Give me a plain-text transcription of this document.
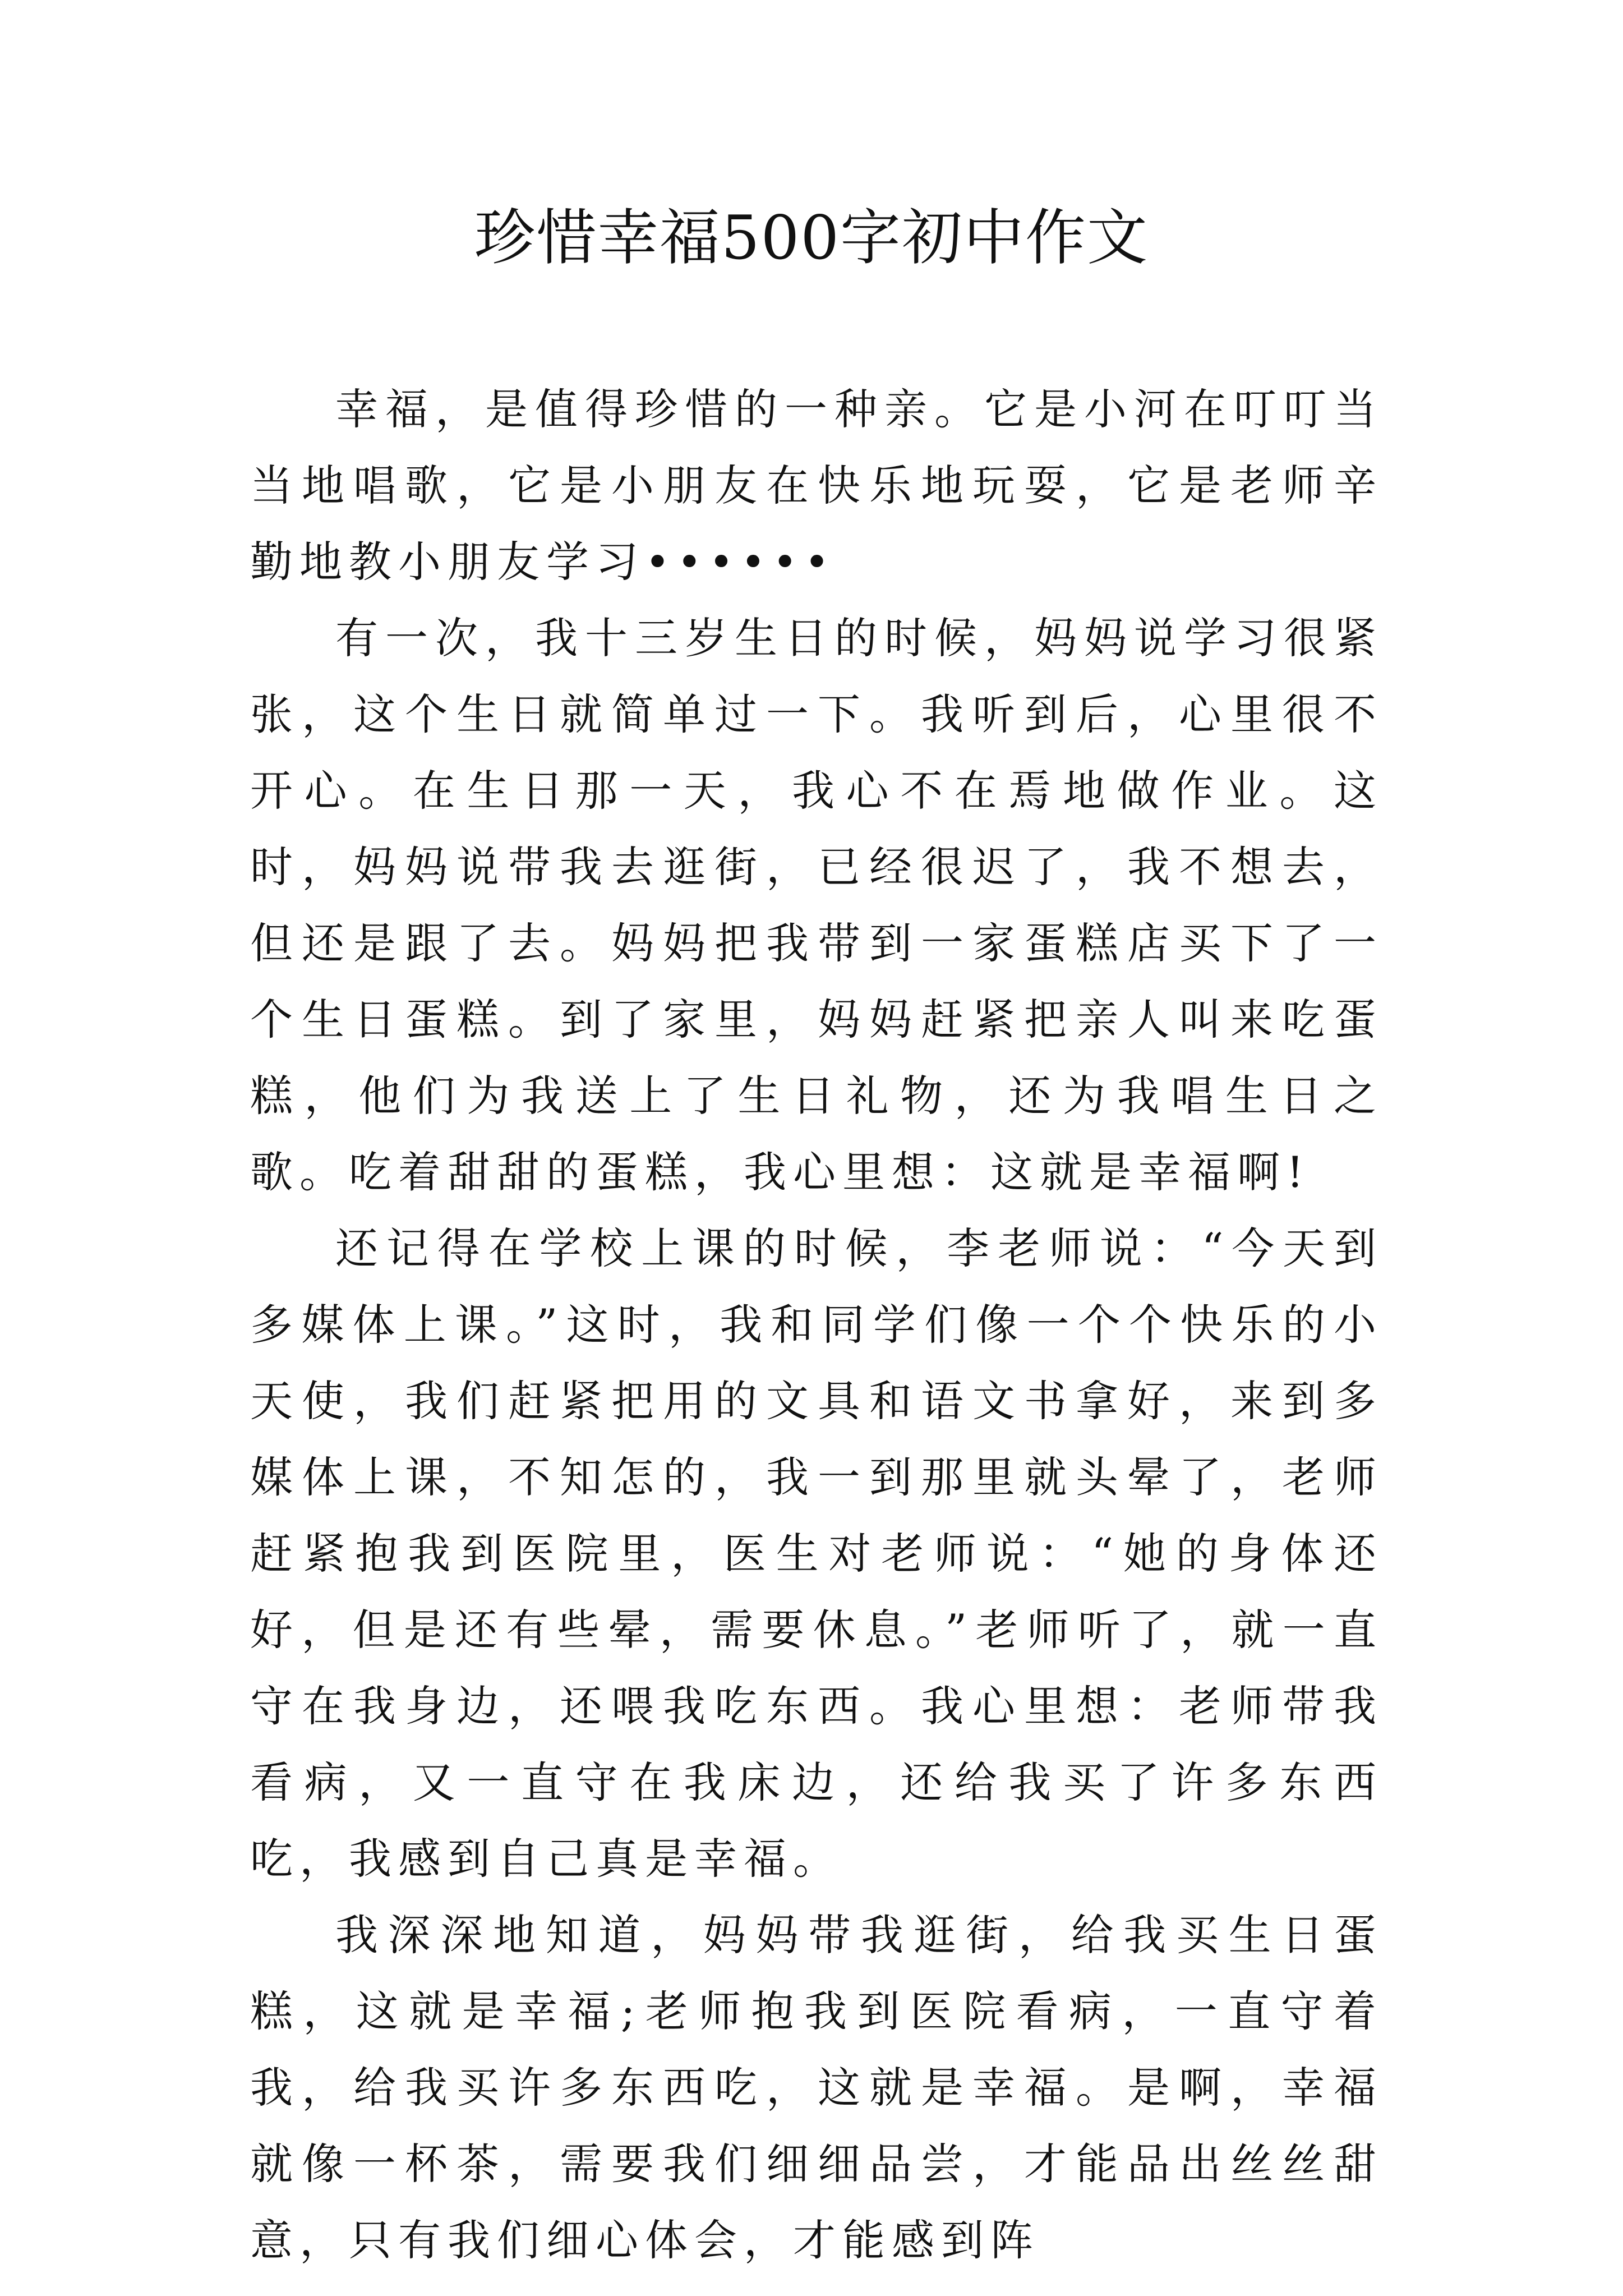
珍惜幸福500字初中作文

幸福，是值得珍惜的一种亲。它是小河在叮叮当当地唱歌，它是小朋友在快乐地玩耍，它是老师辛勤地教小朋友学习••••••

有一次，我十三岁生日的时候，妈妈说学习很紧张，这个生日就简单过一下。我听到后，心里很不开心。在生日那一天，我心不在焉地做作业。这时，妈妈说带我去逛街，已经很迟了，我不想去，但还是跟了去。妈妈把我带到一家蛋糕店买下了一个生日蛋糕。到了家里，妈妈赶紧把亲人叫来吃蛋糕，他们为我送上了生日礼物，还为我唱生日之歌。吃着甜甜的蛋糕，我心里想：这就是幸福啊!

还记得在学校上课的时候，李老师说：“今天到多媒体上课。”这时，我和同学们像一个个快乐的小天使，我们赶紧把用的文具和语文书拿好，来到多媒体上课，不知怎的，我一到那里就头晕了，老师赶紧抱我到医院里，医生对老师说：“她的身体还好，但是还有些晕，需要休息。”老师听了，就一直守在我身边，还喂我吃东西。我心里想：老师带我看病，又一直守在我床边，还给我买了许多东西吃，我感到自己真是幸福。

我深深地知道，妈妈带我逛街，给我买生日蛋糕，这就是幸福;老师抱我到医院看病，一直守着我，给我买许多东西吃，这就是幸福。是啊，幸福就像一杯茶，需要我们细细品尝，才能品出丝丝甜意，只有我们细心体会，才能感到阵
